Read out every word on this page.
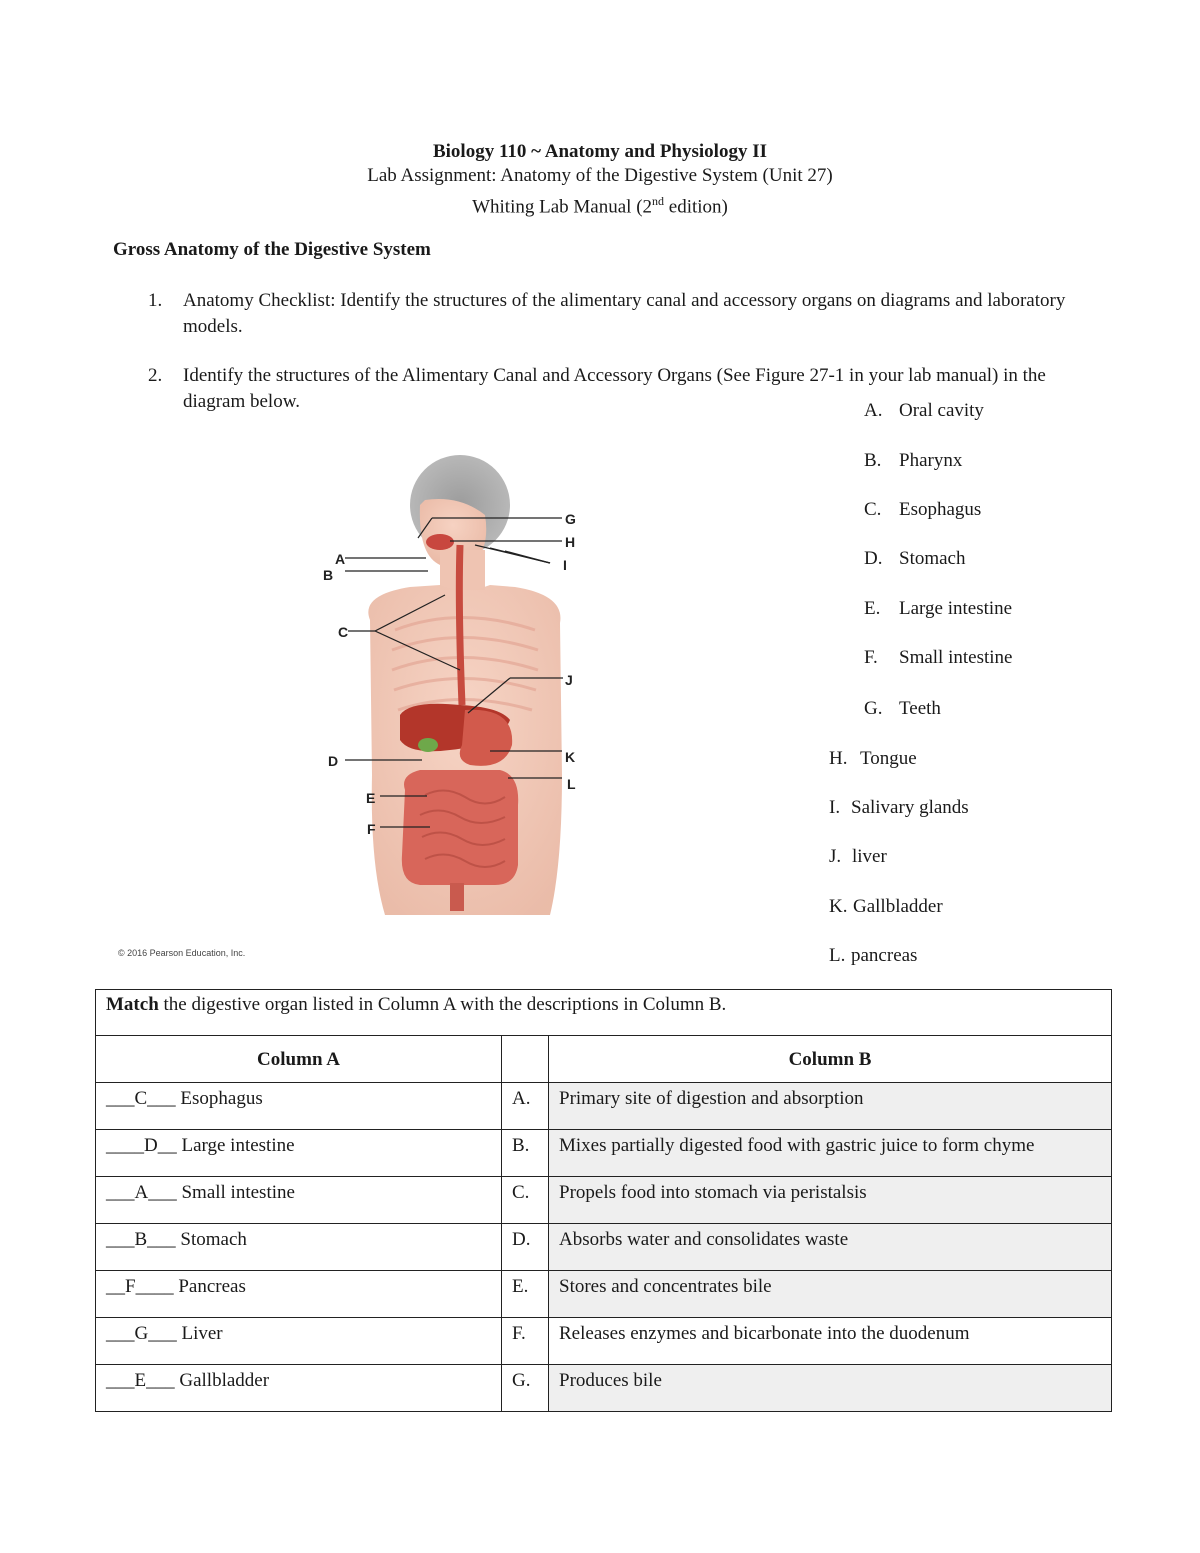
Biology 110 ~ Anatomy and Physiology II
Lab Assignment: Anatomy of the Digestive System (Unit 27)
Whiting Lab Manual (2nd edition)
Gross Anatomy of the Digestive System
1. Anatomy Checklist: Identify the structures of the alimentary canal and accessory organs on diagrams and laboratory models.
2. Identify the structures of the Alimentary Canal and Accessory Organs (See Figure 27-1 in your lab manual) in the diagram below.	A. Oral cavity
B. Pharynx
C. Esophagus
D. Stomach
E. Large intestine
F. Small intestine
G. Teeth
H. Tongue
I. Salivary glands
J. liver
K. Gallbladder
L. pancreas
G
H
I
A
B
C
J
D	K
L
E
F
© 2016 Pearson Education, Inc.
Match the digestive organ listed in Column A with the descriptions in Column B.		
Column A		Column B
___C___ Esophagus	A.	Primary site of digestion and absorption
____D__ Large intestine	B.	Mixes partially digested food with gastric juice to form chyme
___A___ Small intestine	C.	Propels food into stomach via peristalsis
___B___ Stomach	D.	Absorbs water and consolidates waste
__F____ Pancreas	E.	Stores and concentrates bile
___G___ Liver	F.	Releases enzymes and bicarbonate into the duodenum
___E___ Gallbladder	G.	Produces bile
